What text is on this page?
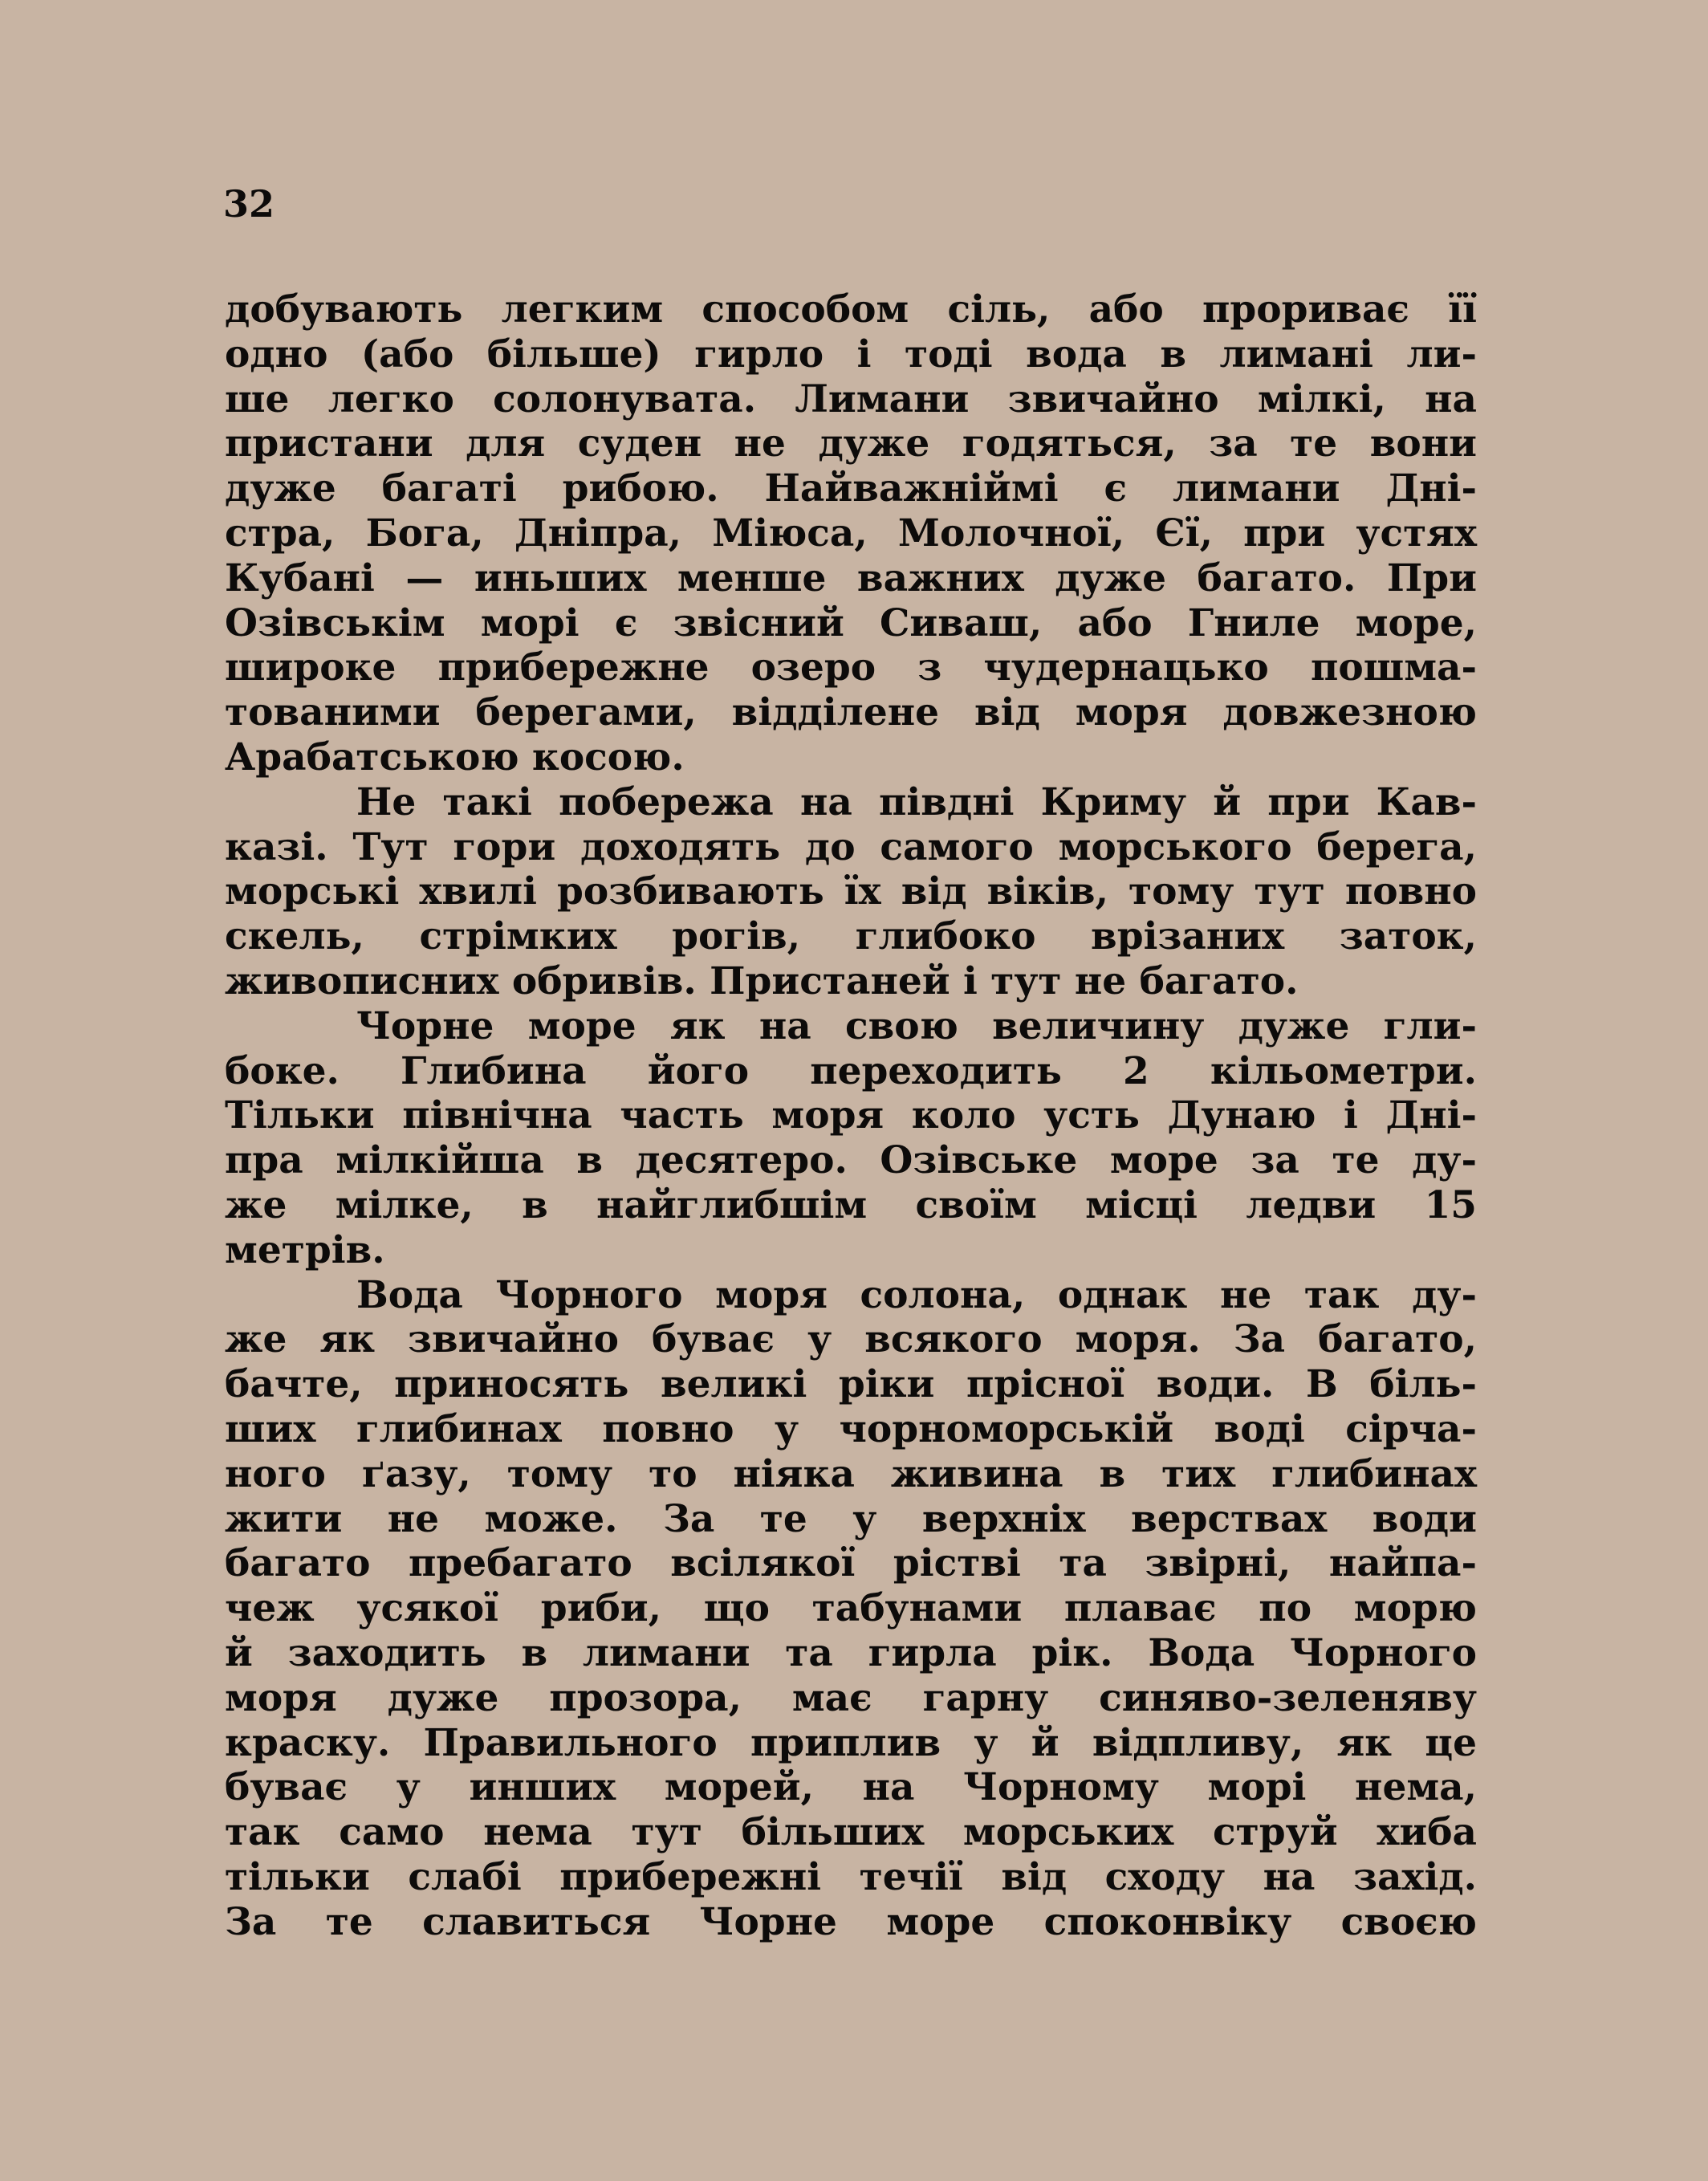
32
добувають легким способом сіль, або прориває її
одно (або більше) гирло і тоді вода в лимані ли-
ше легко солонувата. Лимани звичайно мілкі, на
пристани для суден не дуже годяться, за те вони
дуже багаті рибою. Найважніймі є лимани Дні-
стра, Бога, Дніпра, Міюса, Молочної, Єї, при устях
Кубані — иньших менше важних дуже багато. При
Озівськім морі є звісний Сиваш, або Гниле море,
широке прибережне озеро з чудернацько пошма-
тованими берегами, відділене від моря довжезною
Арабатською косою.
Не такі побережа на півдні Криму й при Кав-
казі. Тут гори доходять до самого морського берега,
морські хвилі розбивають їх від віків, тому тут повно
скель, стрімких рогів, глибоко врізаних заток,
живописних обривів. Пристаней і тут не багато.
Чорне море як на свою величину дуже гли-
боке. Глибина його переходить 2 кільометри.
Тільки північна часть моря коло усть Дунаю і Дні-
пра мілкійша в десятеро. Озівське море за те ду-
же мілке, в найглибшім своїм місці ледви 15
метрів.
Вода Чорного моря солона, однак не так ду-
же як звичайно буває у всякого моря. За багато,
бачте, приносять великі ріки прісної води. В біль-
ших глибинах повно у чорноморській воді сірча-
ного ґазу, тому то ніяка живина в тих глибинах
жити не може. За те у верхніх верствах води
багато пребагато всілякої рістві та звірні, найпа-
чеж усякої риби, що табунами плаває по морю
й заходить в лимани та гирла рік. Вода Чорного
моря дуже прозора, має гарну синяво-зеленяву
краску. Правильного приплив у й відпливу, як це
буває у инших морей, на Чорному морі нема,
так само нема тут більших морських струй хиба
тільки слабі прибережні течії від сходу на захід.
За те славиться Чорне море споконвіку своєю
